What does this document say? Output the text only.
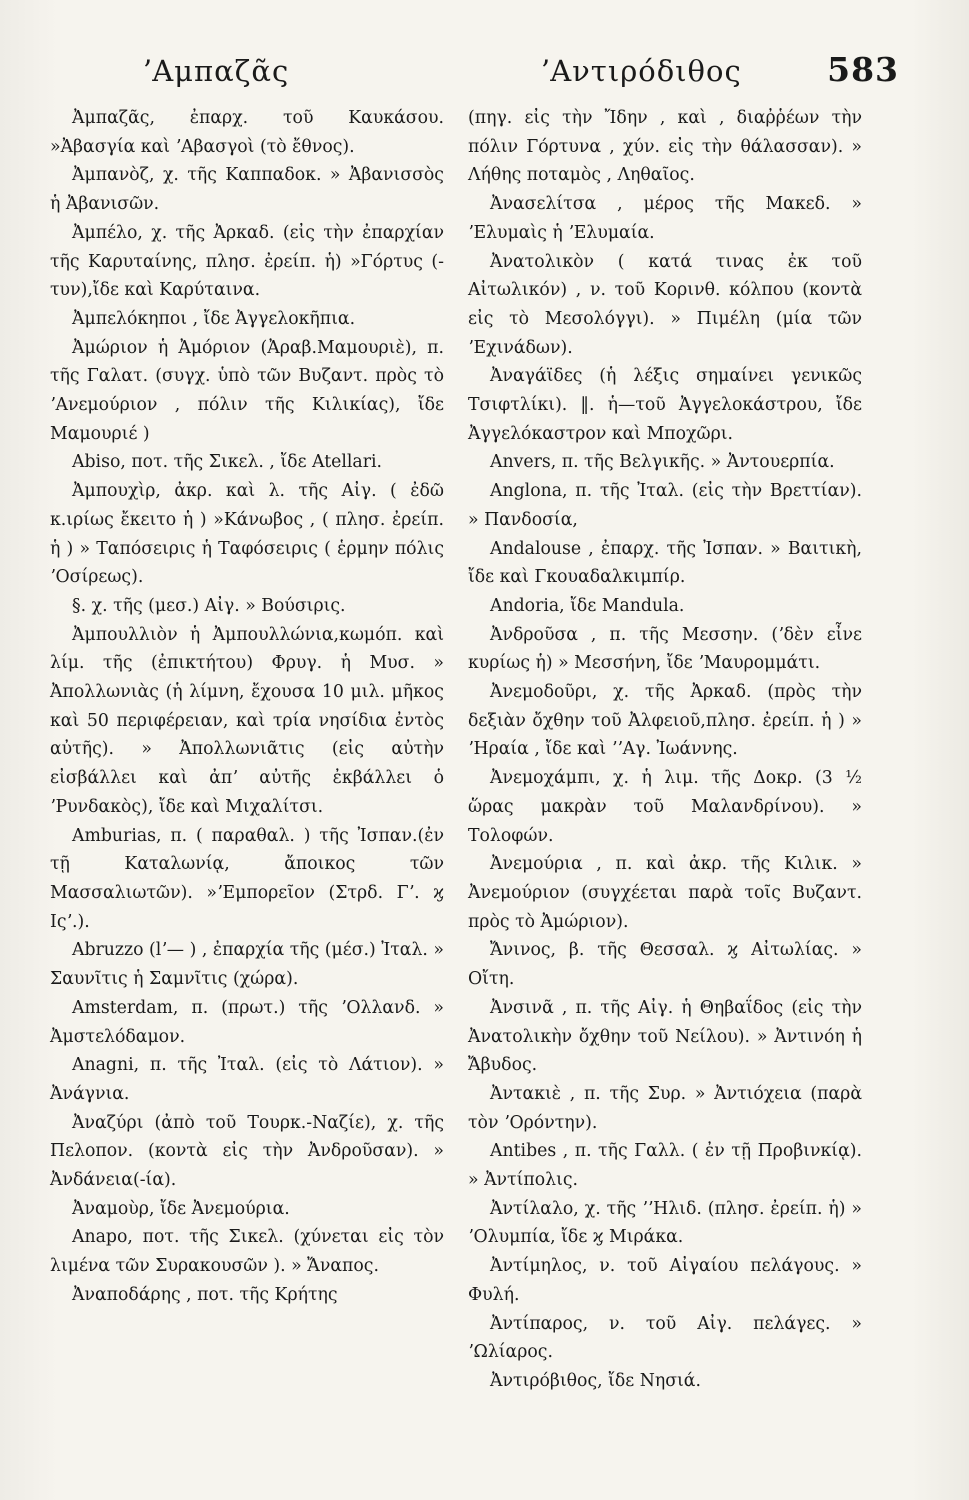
ʼΑμπαζᾶς	ʼΑντιρόδιθος	583

Ἀμπαζᾶς, ἐπαρχ. τοῦ Καυκάσου. »Ἀβασγία καὶ ʼΑβασγοὶ (τὸ ἔθνος).

Ἀμπανὸζ, χ. τῆς Καππαδοκ. » Ἀβανισσὸς ἡ Ἀβανισῶν.

Ἀμπέλο, χ. τῆς Ἀρκαδ. (εἰς τὴν ἐπαρχίαν τῆς Καρυταίνης, πλησ. ἐρείπ. ἡ) »Γόρτυς (-τυν),ἴδε καὶ Καρύταινα.

Ἀμπελόκηποι , ἴδε Ἀγγελοκῆπια.

Ἀμώριον ἡ Ἀμόριον (Ἀραβ.Μαμουριὲ), π. τῆς Γαλατ. (συγχ. ὑπὸ τῶν Βυζαντ. πρὸς τὸ ʼΑνεμούριον , πόλιν τῆς Κιλικίας), ἴδε Μαμουριέ )

Abiso, ποτ. τῆς Σικελ. , ἴδε Atellari.

Ἀμπουχὶρ, ἀκρ. καὶ λ. τῆς Αἰγ. ( ἐδῶ κ.ιρίως ἔκειτο ἡ ) »Κάνωβος , ( πλησ. ἐρείπ. ἡ ) » Ταπόσειρις ἡ Ταφόσειρις ( ἑρμην πόλις ʼΟσίρεως).

§. χ. τῆς (μεσ.) Αἰγ. » Βούσιρις.

Ἀμπουλλιὸν ἡ Ἀμπουλλώνια,κωμόπ. καὶ λίμ. τῆς (ἐπικτήτου) Φρυγ. ἡ Μυσ. » Ἀπολλωνιὰς (ἡ λίμνη, ἔχουσα 10 μιλ. μῆκος καὶ 50 περιφέρειαν, καὶ τρία νησίδια ἐντὸς αὐτῆς). » Ἀπολλωνιᾶτις (εἰς αὐτὴν εἰσβάλλει καὶ ἀπʼ αὐτῆς ἐκβάλλει ὁ ʼΡυνδακὸς), ἴδε καὶ Μιχαλίτσι.

Amburias, π. ( παραθαλ. ) τῆς Ἰσπαν.(ἐν τῇ Καταλωνίᾳ, ἄποικος τῶν Μασσαλιωτῶν). »ʼΕμπορεῖον (Στρδ. Γʼ. ϗ Ιςʼ.).

Abruzzo (lʼ— ) , ἐπαρχία τῆς (μέσ.) Ἰταλ. » Σαυνῖτις ἡ Σαμνῖτις (χώρα).

Amsterdam, π. (πρωτ.) τῆς ʼΟλλανδ. » Ἀμστελόδαμον.

Anagni, π. τῆς Ἰταλ. (εἰς τὸ Λάτιον). » Ἀνάγνια.

Ἀναζύρι (ἀπὸ τοῦ Τουρκ.-Ναζίε), χ. τῆς Πελοπον. (κοντὰ εἰς τὴν Ἀνδροῦσαν). » Ἀνδάνεια(-ία).

Ἀναμοὺρ, ἴδε Ἀνεμούρια.

Anapo, ποτ. τῆς Σικελ. (χύνεται εἰς τὸν λιμένα τῶν Συρακουσῶν ). » Ἄναπος.

Ἀναποδάρης , ποτ. τῆς Κρήτης

(πηγ. εἰς τὴν Ἴδην , καὶ , διαῤῥέων τὴν πόλιν Γόρτυνα , χύν. εἰς τὴν θάλασσαν). » Λήθης ποταμὸς , Ληθαῖος.

Ἀνασελίτσα , μέρος τῆς Μακεδ. » ʼΕλυμαὶς ἡ ʼΕλυμαία.

Ἀνατολικὸν ( κατά τινας ἐκ τοῦ Αἰτωλικόν) , ν. τοῦ Κορινθ. κόλπου (κοντὰ εἰς τὸ Μεσολόγγι). » Πιμέλη (μία τῶν ʼΕχινάδων).

Ἀναγάϊδες (ἡ λέξις σημαίνει γενικῶς Τσιφτλίκι). ‖. ἡ—τοῦ Ἀγγελοκάστρου, ἴδε Ἀγγελόκαστρον καὶ Μποχῶρι.

Anvers, π. τῆς Βελγικῆς. » Ἀντουερπία.

Anglona, π. τῆς Ἰταλ. (εἰς τὴν Βρεττίαν). » Πανδοσία,

Andalouse , ἐπαρχ. τῆς Ἰσπαν. » Βαιτικὴ, ἴδε καὶ Γκουαδαλκιμπίρ.

Andoria, ἴδε Mandula.

Ἀνδροῦσα , π. τῆς Μεσσην. (ʼδὲν εἶνε κυρίως ἡ) » Μεσσήνη, ἴδε ʼΜαυρομμάτι.

Ἀνεμοδοῦρι, χ. τῆς Ἀρκαδ. (πρὸς τὴν δεξιὰν ὄχθην τοῦ Ἀλφειοῦ,πλησ. ἐρείπ. ἡ ) » ʼΗραία , ἴδε καὶ ʼʼΑγ. Ἰωάννης.

Ἀνεμοχάμπι, χ. ἡ λιμ. τῆς Δοκρ. (3 ½ ὥρας μακρὰν τοῦ Μαλανδρίνου). » Τολοφών.

Ἀνεμούρια , π. καὶ ἀκρ. τῆς Κιλικ. » Ἀνεμούριον (συγχέεται παρὰ τοῖς Βυζαντ. πρὸς τὸ Ἀμώριον).

Ἄνινος, β. τῆς Θεσσαλ. ϗ Αἰτωλίας. » Οἴτη.

Ἀνσινᾶ , π. τῆς Αἰγ. ἡ Θηβαΐδος (εἰς τὴν Ἀνατολικὴν ὄχθην τοῦ Νείλου). » Ἀντινόη ἡ Ἄβυδος.

Ἀντακιὲ , π. τῆς Συρ. » Ἀντιόχεια (παρὰ τὸν ʼΟρόντην).

Antibes , π. τῆς Γαλλ. ( ἐν τῇ Προβινκίᾳ). » Ἀντίπολις.

Ἀντίλαλο, χ. τῆς ʼʼΗλιδ. (πλησ. ἐρείπ. ἡ) » ʼΟλυμπία, ἴδε ϗ Μιράκα.

Ἀντίμηλος, ν. τοῦ Αἰγαίου πελάγους. » Φυλή.

Ἀντίπαρος, ν. τοῦ Αἰγ. πελάγες. » ʼΩλίαρος.

Ἀντιρόβιθος, ἴδε Νησιά.
